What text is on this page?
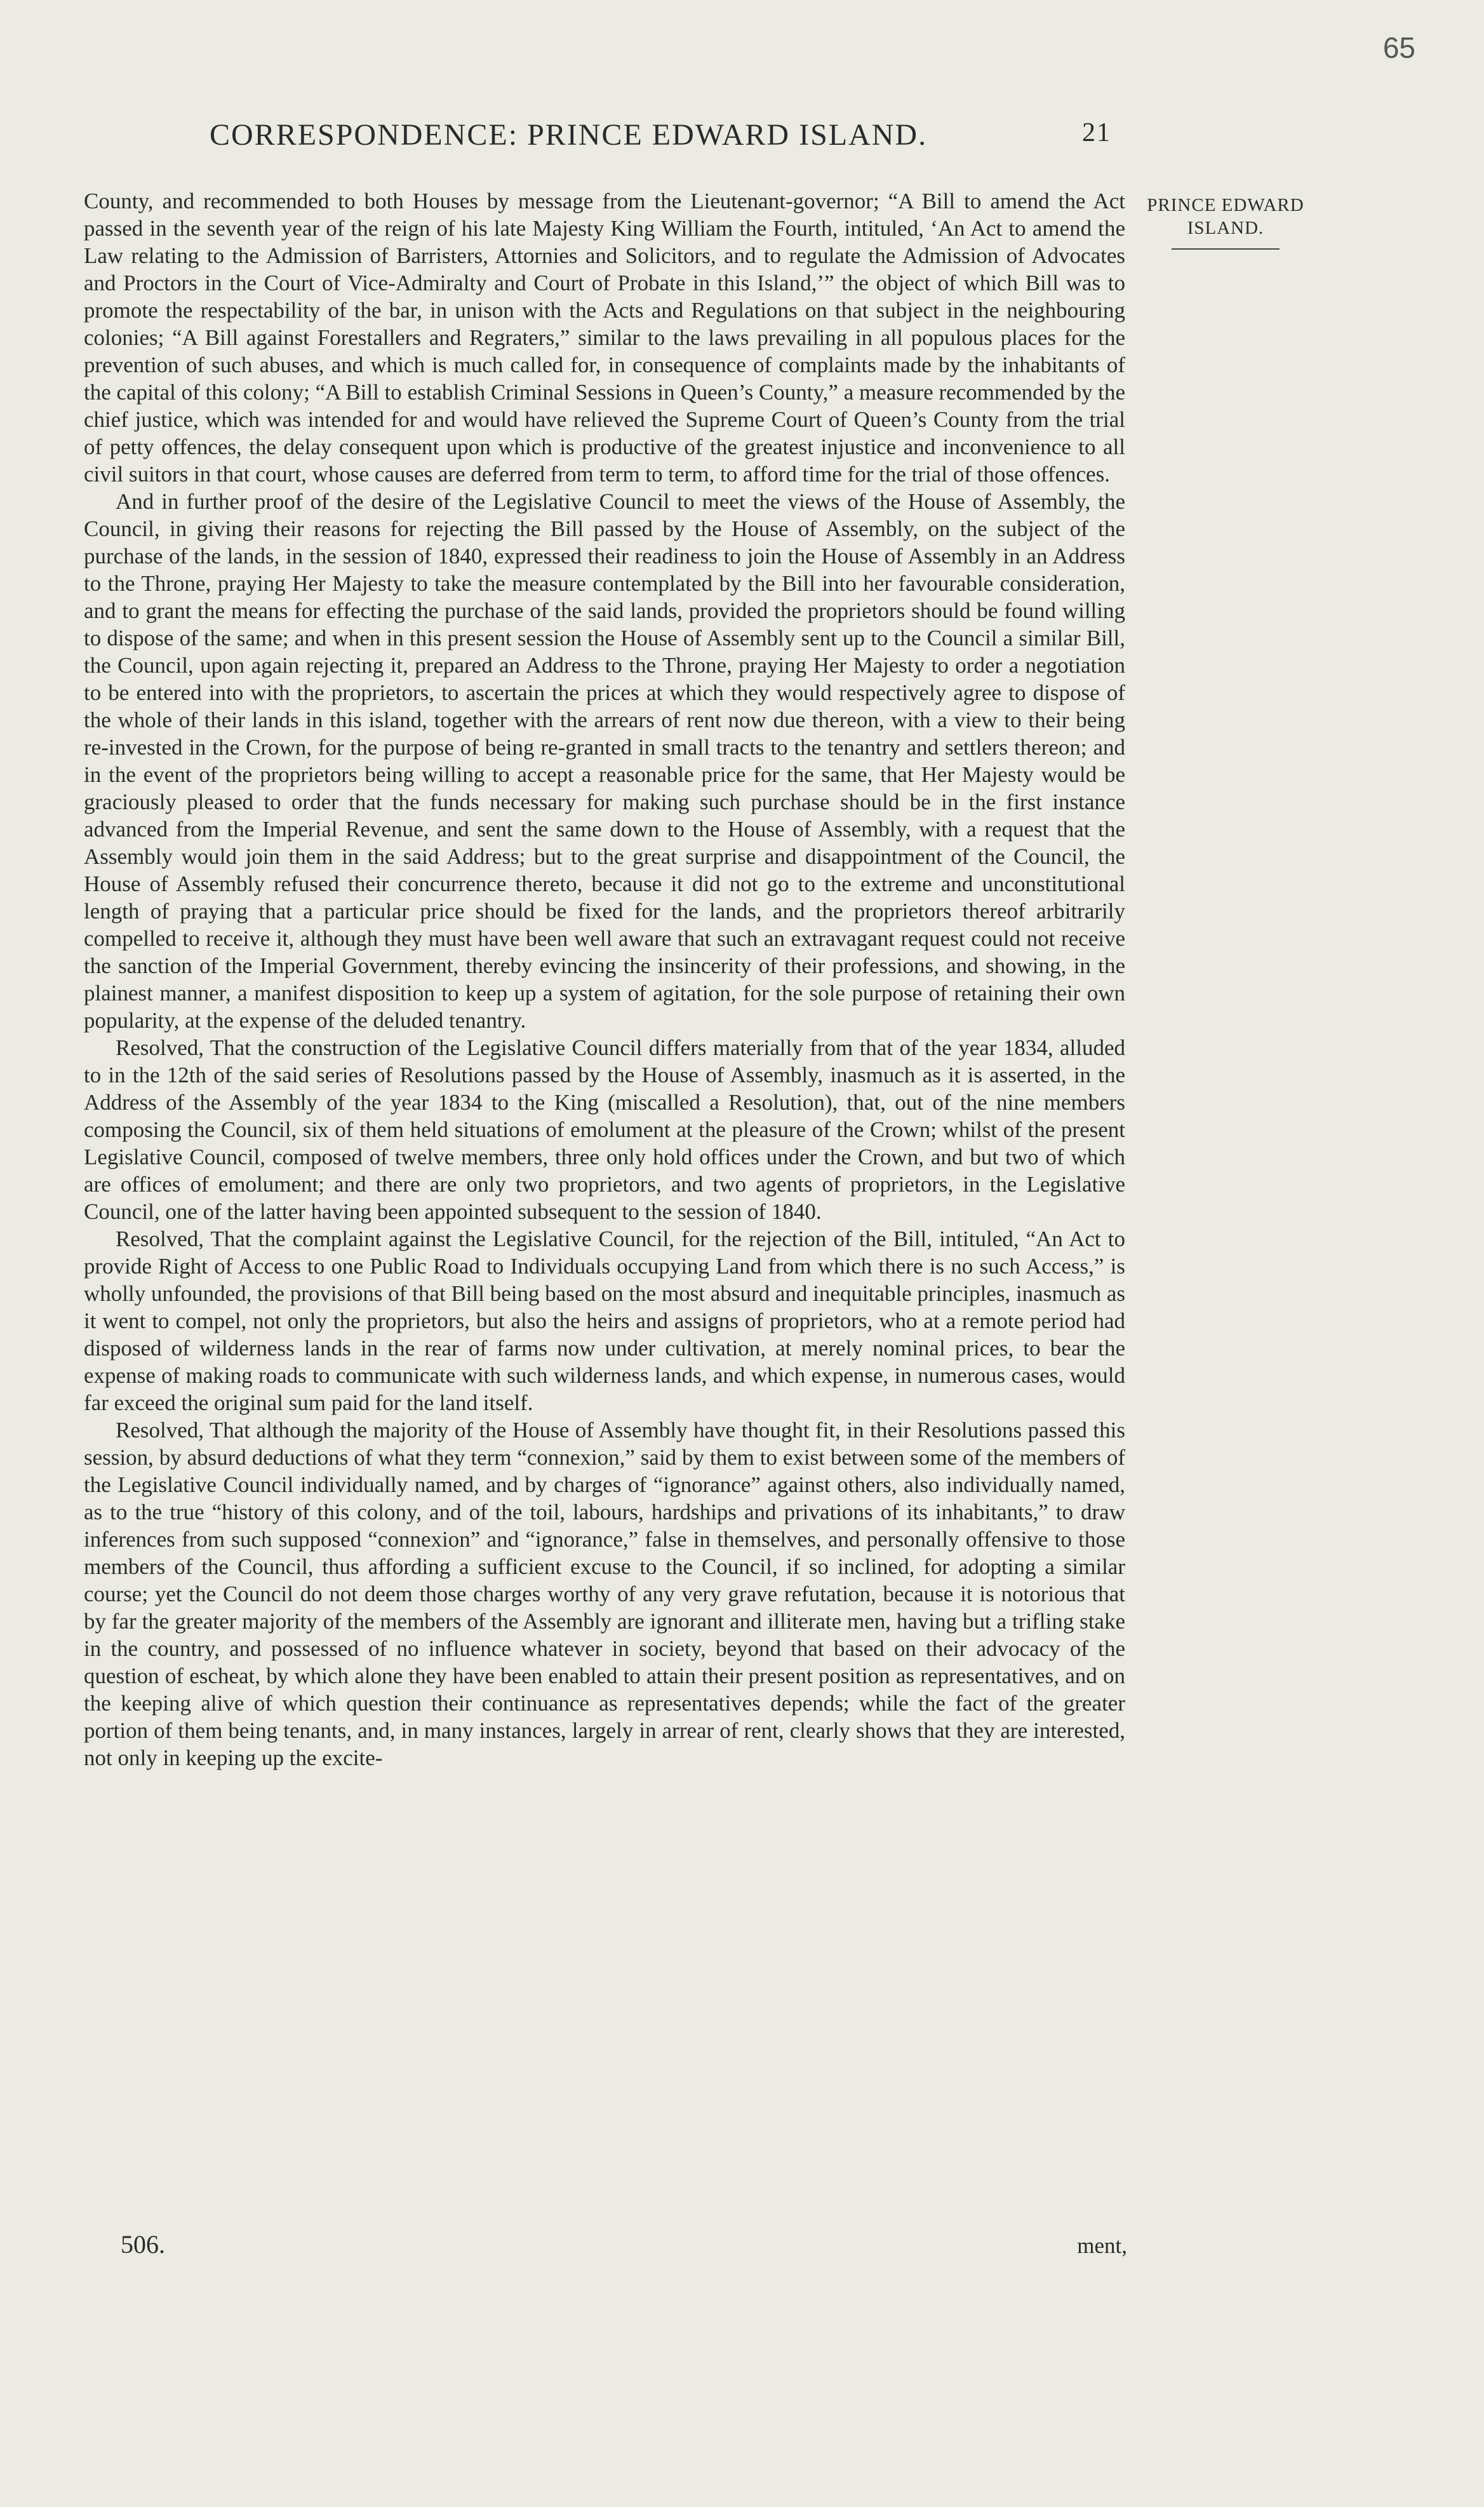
65
CORRESPONDENCE: PRINCE EDWARD ISLAND.	21
PRINCE EDWARD
ISLAND.

County, and recommended to both Houses by message from the Lieutenant-governor; “A Bill to amend the Act passed in the seventh year of the reign of his late Majesty King William the Fourth, intituled, ‘An Act to amend the Law relating to the Admission of Barristers, Attornies and Solicitors, and to regulate the Admission of Advocates and Proctors in the Court of Vice-Admiralty and Court of Probate in this Island,’” the object of which Bill was to promote the respectability of the bar, in unison with the Acts and Regulations on that subject in the neighbouring colonies; “A Bill against Forestallers and Regraters,” similar to the laws prevailing in all populous places for the prevention of such abuses, and which is much called for, in consequence of complaints made by the inhabitants of the capital of this colony; “A Bill to establish Criminal Sessions in Queen’s County,” a measure recommended by the chief justice, which was intended for and would have relieved the Supreme Court of Queen’s County from the trial of petty offences, the delay consequent upon which is productive of the greatest injustice and inconvenience to all civil suitors in that court, whose causes are deferred from term to term, to afford time for the trial of those offences.

And in further proof of the desire of the Legislative Council to meet the views of the House of Assembly, the Council, in giving their reasons for rejecting the Bill passed by the House of Assembly, on the subject of the purchase of the lands, in the session of 1840, expressed their readiness to join the House of Assembly in an Address to the Throne, praying Her Majesty to take the measure contemplated by the Bill into her favourable consideration, and to grant the means for effecting the purchase of the said lands, provided the proprietors should be found willing to dispose of the same; and when in this present session the House of Assembly sent up to the Council a similar Bill, the Council, upon again rejecting it, prepared an Address to the Throne, praying Her Majesty to order a negotiation to be entered into with the proprietors, to ascertain the prices at which they would respectively agree to dispose of the whole of their lands in this island, together with the arrears of rent now due thereon, with a view to their being re-invested in the Crown, for the purpose of being re-granted in small tracts to the tenantry and settlers thereon; and in the event of the proprietors being willing to accept a reasonable price for the same, that Her Majesty would be graciously pleased to order that the funds necessary for making such purchase should be in the first instance advanced from the Imperial Revenue, and sent the same down to the House of Assembly, with a request that the Assembly would join them in the said Address; but to the great surprise and disappointment of the Council, the House of Assembly refused their concurrence thereto, because it did not go to the extreme and unconstitutional length of praying that a particular price should be fixed for the lands, and the proprietors thereof arbitrarily compelled to receive it, although they must have been well aware that such an extravagant request could not receive the sanction of the Imperial Government, thereby evincing the insincerity of their professions, and showing, in the plainest manner, a manifest disposition to keep up a system of agitation, for the sole purpose of retaining their own popularity, at the expense of the deluded tenantry.

Resolved, That the construction of the Legislative Council differs materially from that of the year 1834, alluded to in the 12th of the said series of Resolutions passed by the House of Assembly, inasmuch as it is asserted, in the Address of the Assembly of the year 1834 to the King (miscalled a Resolution), that, out of the nine members composing the Council, six of them held situations of emolument at the pleasure of the Crown; whilst of the present Legislative Council, composed of twelve members, three only hold offices under the Crown, and but two of which are offices of emolument; and there are only two proprietors, and two agents of proprietors, in the Legislative Council, one of the latter having been appointed subsequent to the session of 1840.

Resolved, That the complaint against the Legislative Council, for the rejection of the Bill, intituled, “An Act to provide Right of Access to one Public Road to Individuals occupying Land from which there is no such Access,” is wholly unfounded, the provisions of that Bill being based on the most absurd and inequitable principles, inasmuch as it went to compel, not only the proprietors, but also the heirs and assigns of proprietors, who at a remote period had disposed of wilderness lands in the rear of farms now under cultivation, at merely nominal prices, to bear the expense of making roads to communicate with such wilderness lands, and which expense, in numerous cases, would far exceed the original sum paid for the land itself.

Resolved, That although the majority of the House of Assembly have thought fit, in their Resolutions passed this session, by absurd deductions of what they term “connexion,” said by them to exist between some of the members of the Legislative Council individually named, and by charges of “ignorance” against others, also individually named, as to the true “history of this colony, and of the toil, labours, hardships and privations of its inhabitants,” to draw inferences from such supposed “connexion” and “ignorance,” false in themselves, and personally offensive to those members of the Council, thus affording a sufficient excuse to the Council, if so inclined, for adopting a similar course; yet the Council do not deem those charges worthy of any very grave refutation, because it is notorious that by far the greater majority of the members of the Assembly are ignorant and illiterate men, having but a trifling stake in the country, and possessed of no influence whatever in society, beyond that based on their advocacy of the question of escheat, by which alone they have been enabled to attain their present position as representatives, and on the keeping alive of which question their continuance as representatives depends; while the fact of the greater portion of them being tenants, and, in many instances, largely in arrear of rent, clearly shows that they are interested, not only in keeping up the excite-

506.	ment,
